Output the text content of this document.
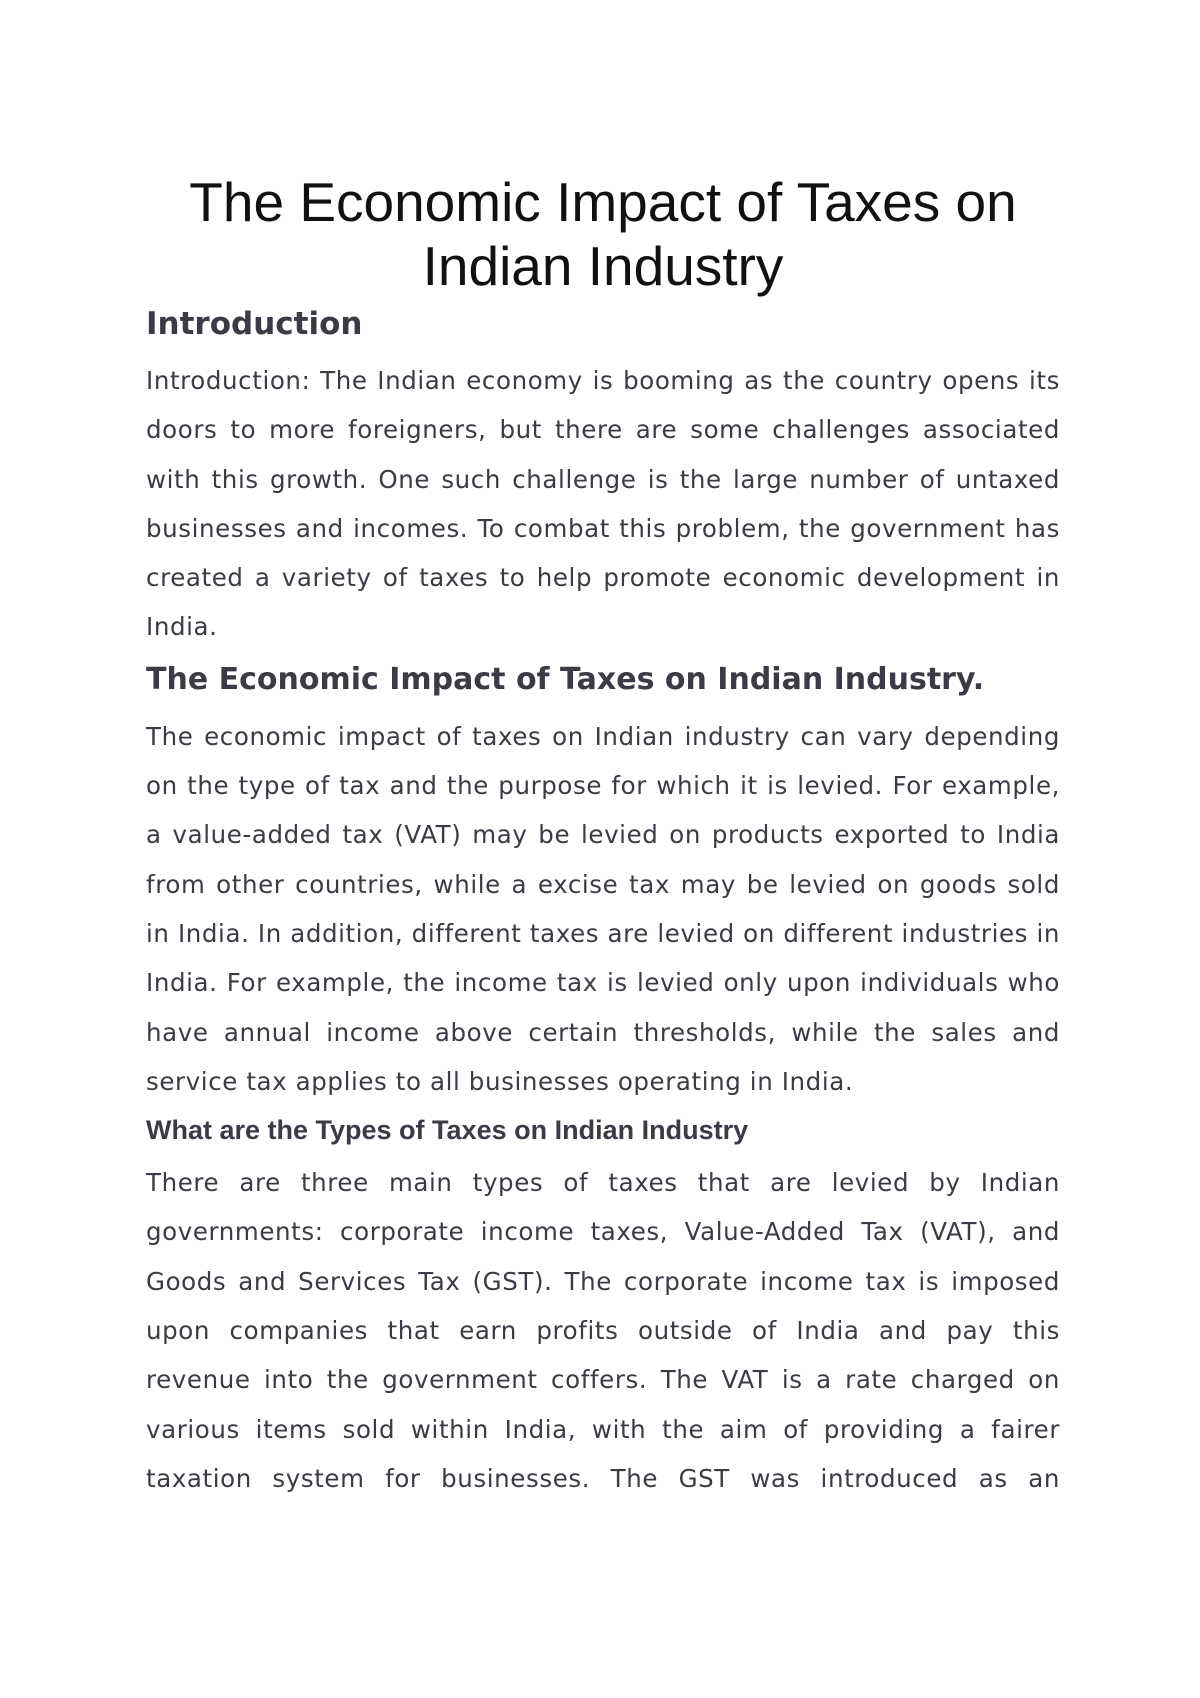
The Economic Impact of Taxes on Indian Industry
Introduction

Introduction: The Indian economy is booming as the country opens its doors to more foreigners, but there are some challenges associated with this growth. One such challenge is the large number of untaxed businesses and incomes. To combat this problem, the government has created a variety of taxes to help promote economic development in India.

The Economic Impact of Taxes on Indian Industry.

The economic impact of taxes on Indian industry can vary depending on the type of tax and the purpose for which it is levied. For example, a value-added tax (VAT) may be levied on products exported to India from other countries, while a excise tax may be levied on goods sold in India. In addition, different taxes are levied on different industries in India. For example, the income tax is levied only upon individuals who have annual income above certain thresholds, while the sales and service tax applies to all businesses operating in India.

What are the Types of Taxes on Indian Industry

There are three main types of taxes that are levied by Indian governments: corporate income taxes, Value-Added Tax (VAT), and Goods and Services Tax (GST). The corporate income tax is imposed upon companies that earn profits outside of India and pay this revenue into the government coffers. The VAT is a rate charged on various items sold within India, with the aim of providing a fairer taxation system for businesses. The GST was introduced as an
